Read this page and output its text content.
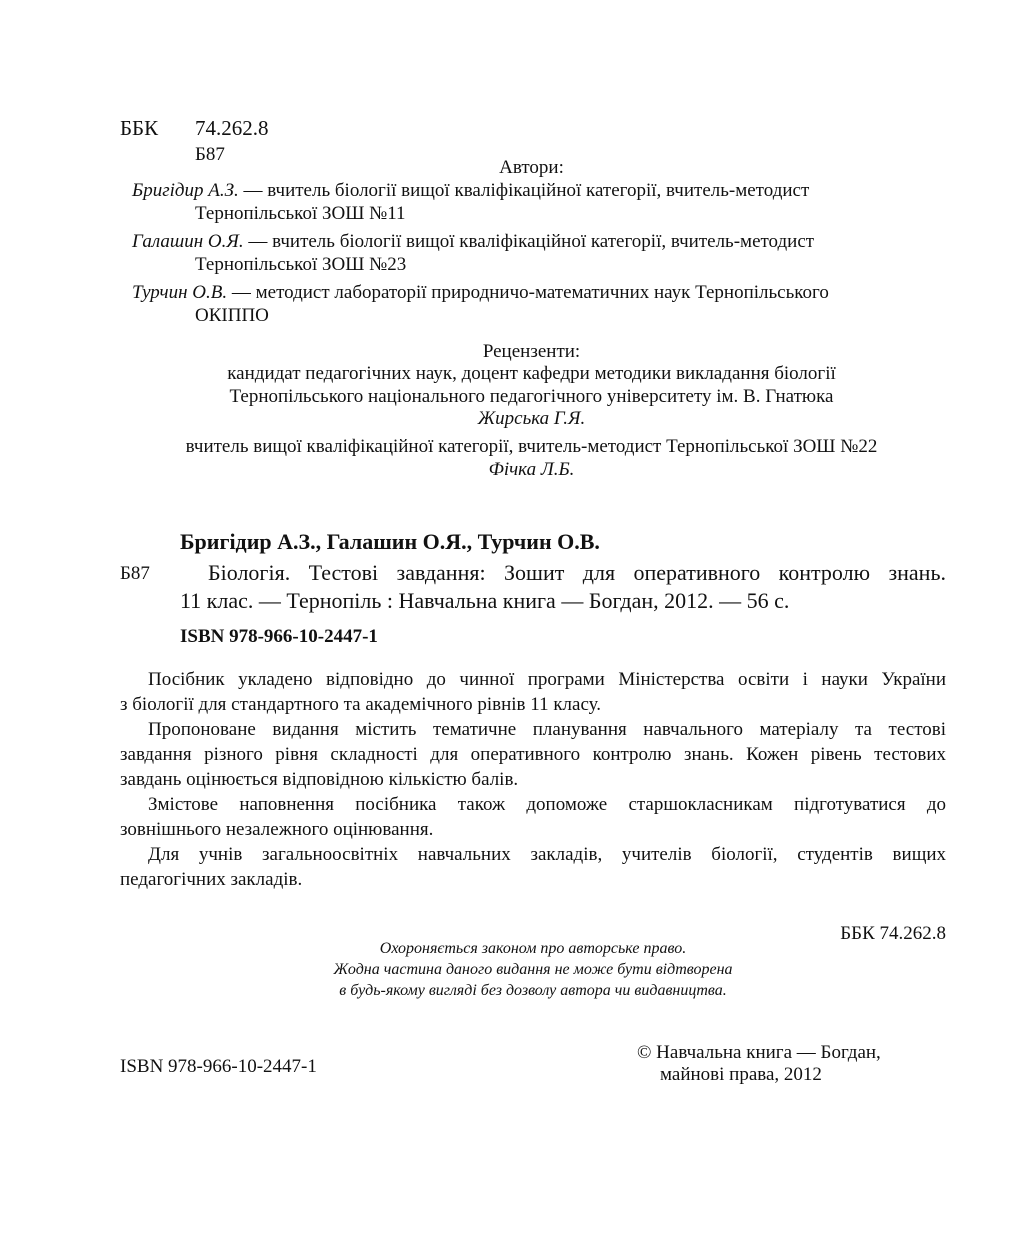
ББК 74.262.8
Б87
Автори:
Бригідир А.З. — вчитель біології вищої кваліфікаційної категорії, вчитель-методист
Тернопільської ЗОШ №11
Галашин О.Я. — вчитель біології вищої кваліфікаційної категорії, вчитель-методист
Тернопільської ЗОШ №23
Турчин О.В. — методист лабораторії природничо-математичних наук Тернопільського
ОКІППО
Рецензенти:
кандидат педагогічних наук, доцент кафедри методики викладання біології
Тернопільського національного педагогічного університету ім. В. Гнатюка
Жирська Г.Я.
вчитель вищої кваліфікаційної категорії, вчитель-методист Тернопільської ЗОШ №22
Фічка Л.Б.
Бригідир А.З., Галашин О.Я., Турчин О.В.
Б87	Біологія. Тестові завдання: Зошит для оперативного контролю знань.
11 клас. — Тернопіль : Навчальна книга — Богдан, 2012. — 56 с.
ISBN 978-966-10-2447-1
Посібник укладено відповідно до чинної програми Міністерства освіти і науки України
з біології для стандартного та академічного рівнів 11 класу.
Пропоноване видання містить тематичне планування навчального матеріалу та тестові
завдання різного рівня складності для оперативного контролю знань. Кожен рівень тестових
завдань оцінюється відповідною кількістю балів.
Змістове наповнення посібника також допоможе старшокласникам підготуватися до
зовнішнього незалежного оцінювання.
Для учнів загальноосвітніх навчальних закладів, учителів біології, студентів вищих
педагогічних закладів.
ББК 74.262.8
Охороняється законом про авторське право.
Жодна частина даного видання не може бути відтворена
в будь-якому вигляді без дозволу автора чи видавництва.
ISBN 978-966-10-2447-1
© Навчальна книга — Богдан,
майнові права, 2012
